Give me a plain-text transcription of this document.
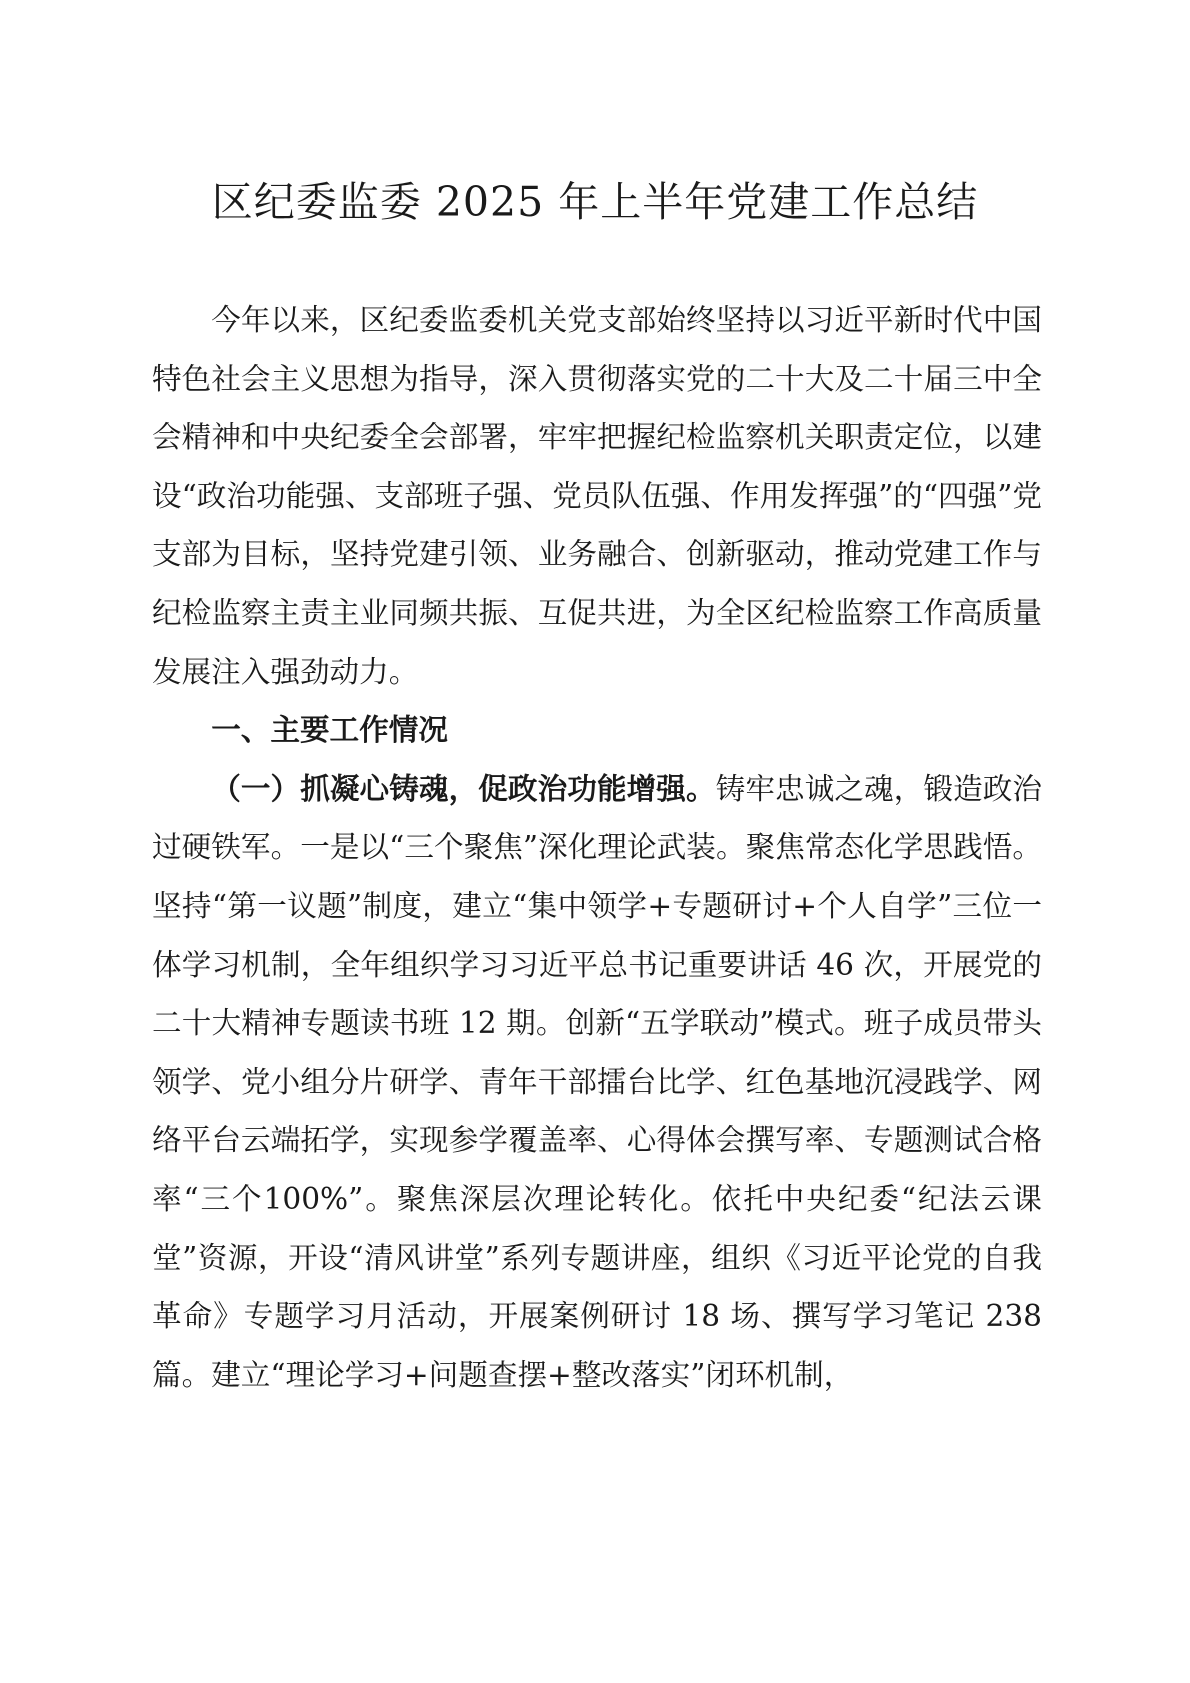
区纪委监委 2025 年上半年党建工作总结

今年以来，区纪委监委机关党支部始终坚持以习近平新时代中国特色社会主义思想为指导，深入贯彻落实党的二十大及二十届三中全会精神和中央纪委全会部署，牢牢把握纪检监察机关职责定位，以建设“政治功能强、支部班子强、党员队伍强、作用发挥强”的“四强”党支部为目标，坚持党建引领、业务融合、创新驱动，推动党建工作与纪检监察主责主业同频共振、互促共进，为全区纪检监察工作高质量发展注入强劲动力。

一、主要工作情况

（一）抓凝心铸魂，促政治功能增强。铸牢忠诚之魂，锻造政治过硬铁军。一是以“三个聚焦”深化理论武装。聚焦常态化学思践悟。坚持“第一议题”制度，建立“集中领学+专题研讨+个人自学”三位一体学习机制，全年组织学习习近平总书记重要讲话 46 次，开展党的二十大精神专题读书班 12 期。创新“五学联动”模式。班子成员带头领学、党小组分片研学、青年干部擂台比学、红色基地沉浸践学、网络平台云端拓学，实现参学覆盖率、心得体会撰写率、专题测试合格率“三个100%”。聚焦深层次理论转化。依托中央纪委“纪法云课堂”资源，开设“清风讲堂”系列专题讲座，组织《习近平论党的自我革命》专题学习月活动，开展案例研讨 18 场、撰写学习笔记 238 篇。建立“理论学习+问题查摆+整改落实”闭环机制，
